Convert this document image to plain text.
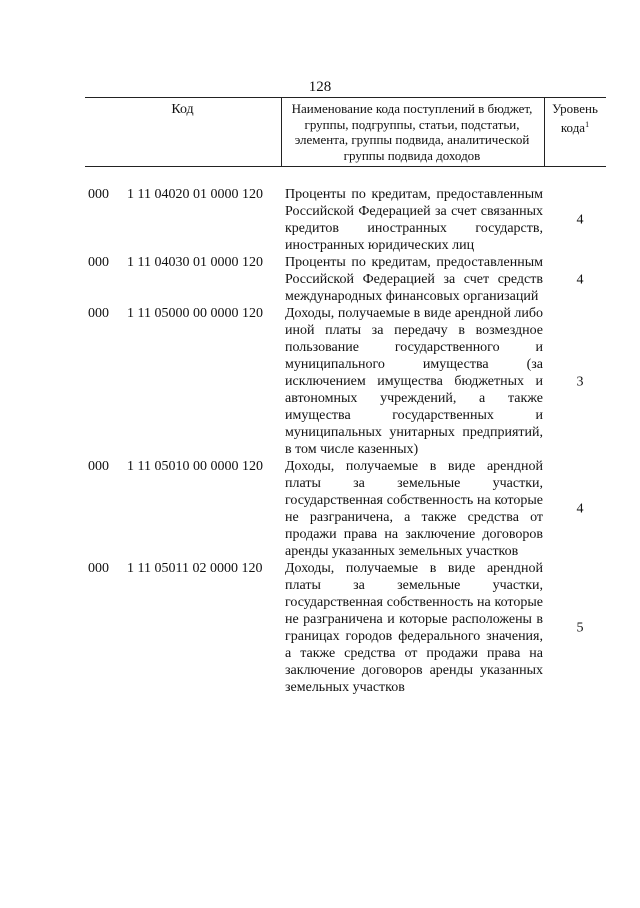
128
Код	Наименование кода поступлений в бюджет, группы, подгруппы, статьи, подстатьи, элемента, группы подвида, аналитической группы подвида доходов
Уровень кода$^1$
000 1 11 04020 01 0000 120 Проценты по кредитам, предоставленным Российской Федерацией за счет связанных кредитов иностранных государств, иностранных юридических лиц
4
000 1 11 04030 01 0000 120 Проценты по кредитам, предоставленным Российской Федерацией за счет средств международных финансовых организаций
4
000 1 11 05000 00 0000 120 Доходы, получаемые в виде арендной либо иной платы за передачу в возмездное пользование государственного и муниципального имущества (за исключением имущества бюджетных и автономных учреждений, а также имущества государственных и муниципальных унитарных предприятий, в том числе казенных)
3
000 1 11 05010 00 0000 120 Доходы, получаемые в виде арендной платы за земельные участки, государственная собственность на которые не разграничена, а также средства от продажи права на заключение договоров аренды указанных земельных участков
4
000 1 11 05011 02 0000 120 Доходы, получаемые в виде арендной платы за земельные участки, государственная собственность на которые не разграничена и которые расположены в границах городов федерального значения, а также средства от продажи права на заключение договоров аренды указанных земельных участков
5
